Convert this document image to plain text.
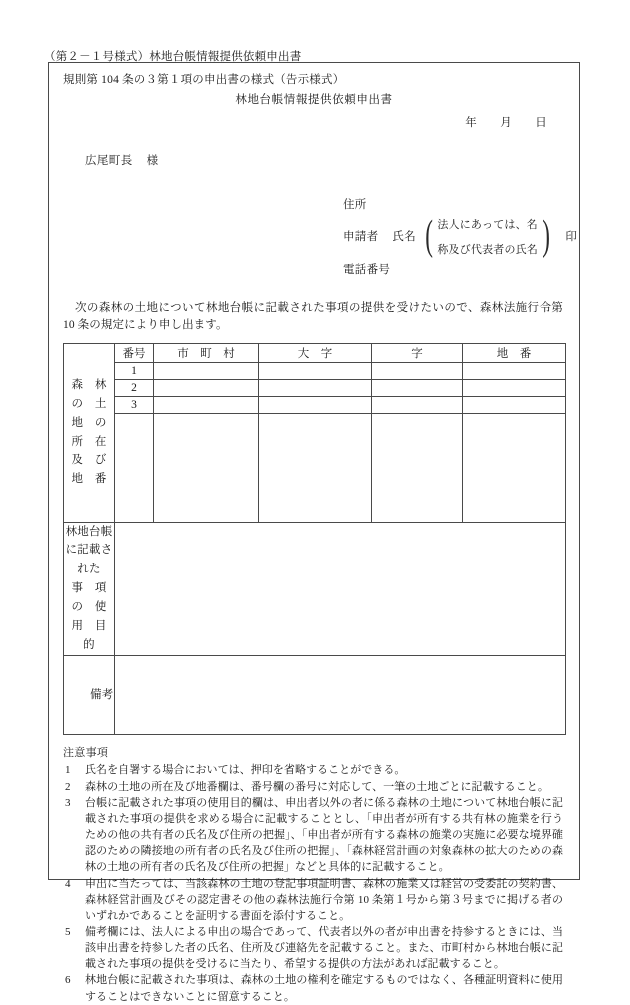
（第２－１号様式）林地台帳情報提供依頼申出書
規則第 104 条の３第１項の申出書の様式（告示様式）
林地台帳情報提供依頼申出書
年 月 日
広尾町長 様
住所
申請者 氏名 ( 法人にあっては、名
称及び代表者の氏名 ) 印
電話番号
次の森林の土地について林地台帳に記載された事項の提供を受けたいので、森林法施行令第 10 条の規定により申し出ます。
森　林　の　土　地　の
所　在　及　び　地　番	番号	市　町　村	大　字	字	地　番
	1				
	2				
	3				

林地台帳に記載された
事　項　の　使　用　目　的					

備 考					

注意事項
1	氏名を自署する場合においては、押印を省略することができる。
2	森林の土地の所在及び地番欄は、番号欄の番号に対応して、一筆の土地ごとに記載すること。
3	台帳に記載された事項の使用目的欄は、申出者以外の者に係る森林の土地について林地台帳に記載された事項の提供を求める場合に記載することとし、「申出者が所有する共有林の施業を行うための他の共有者の氏名及び住所の把握」、「申出者が所有する森林の施業の実施に必要な境界確認のための隣接地の所有者の氏名及び住所の把握」、「森林経営計画の対象森林の拡大のための森林の土地の所有者の氏名及び住所の把握」などと具体的に記載すること。
4	申出に当たっては、当該森林の土地の登記事項証明書、森林の施業又は経営の受委託の契約書、森林経営計画及びその認定書その他の森林法施行令第 10 条第１号から第３号までに掲げる者のいずれかであることを証明する書面を添付すること。
5	備考欄には、法人による申出の場合であって、代表者以外の者が申出書を持参するときには、当該申出書を持参した者の氏名、住所及び連絡先を記載すること。また、市町村から林地台帳に記載された事項の提供を受けるに当たり、希望する提供の方法があれば記載すること。
6	林地台帳に記載された事項は、森林の土地の権利を確定するものではなく、各種証明資料に使用することはできないことに留意すること。
